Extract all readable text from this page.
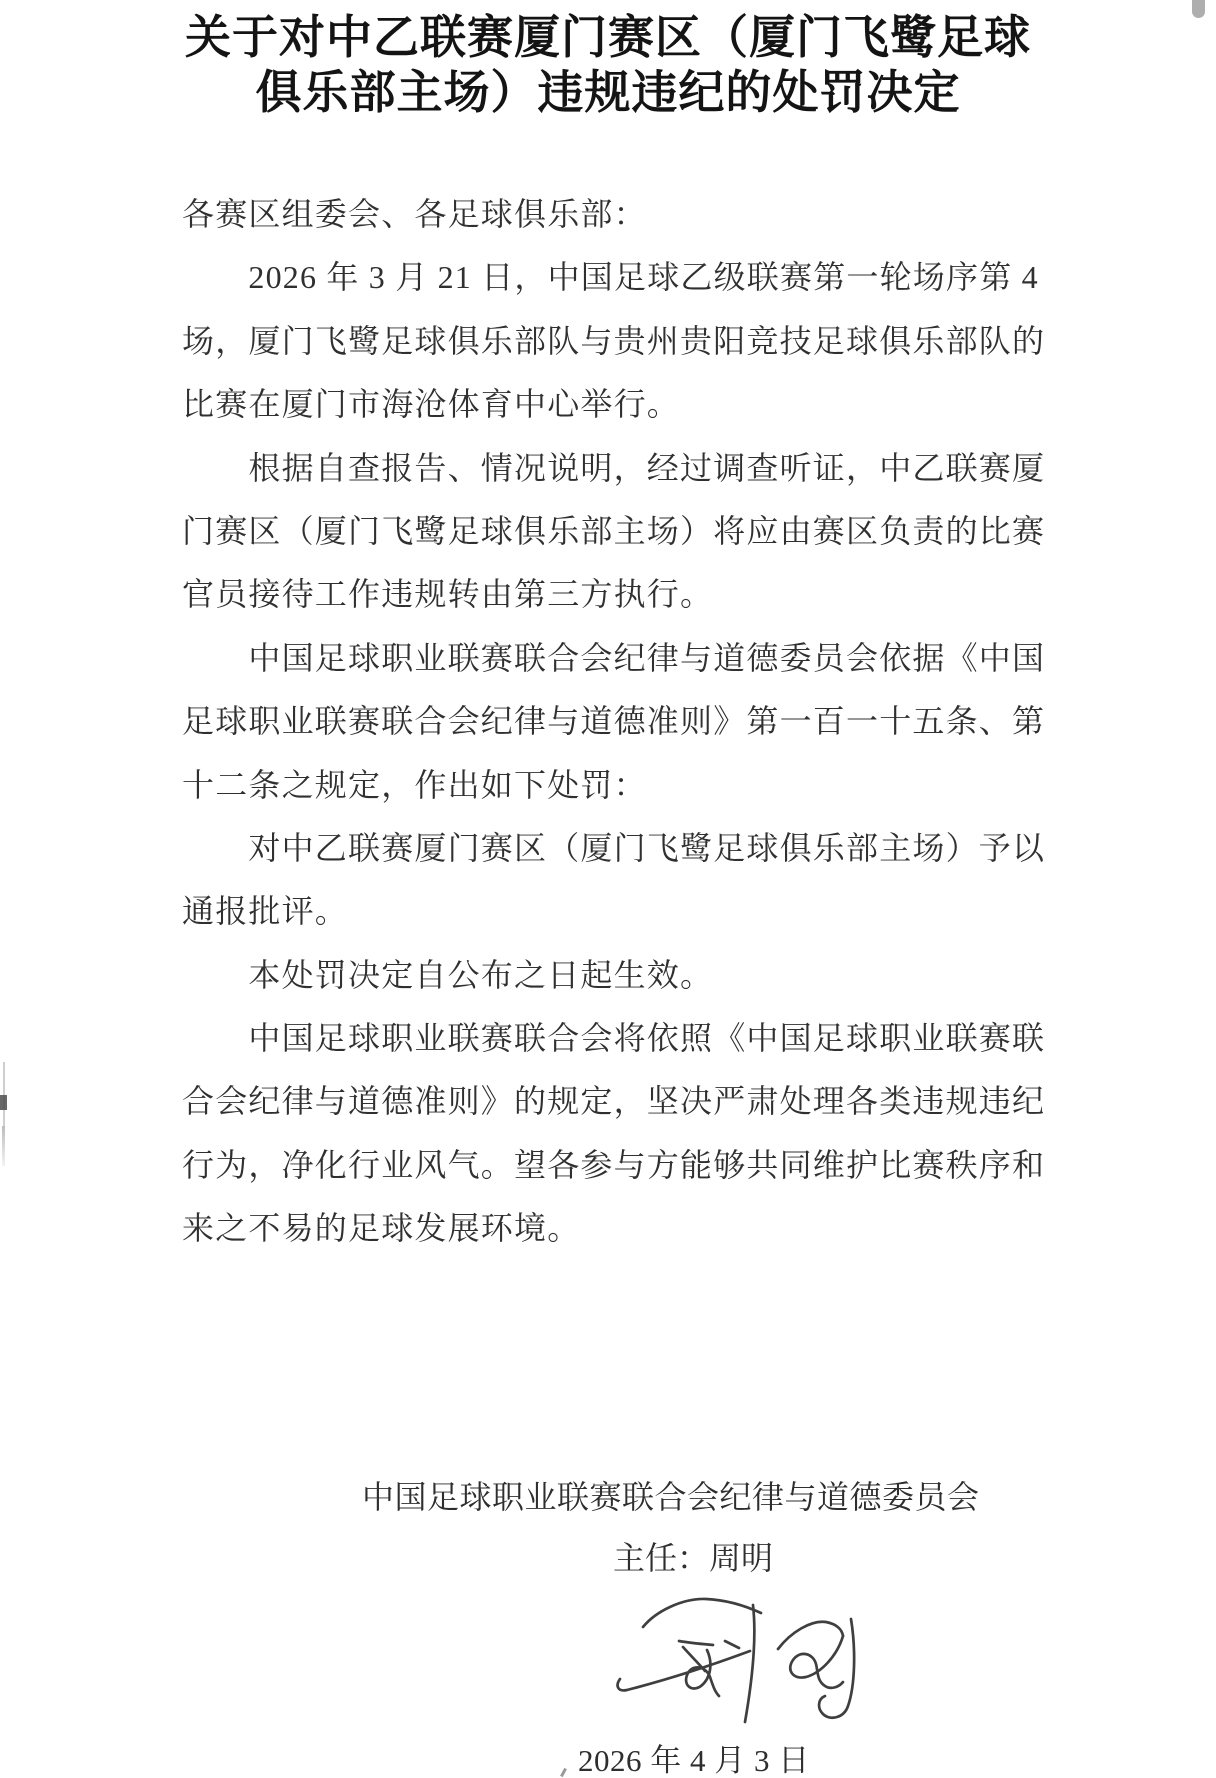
关于对中乙联赛厦门赛区（厦门飞鹭足球
俱乐部主场）违规违纪的处罚决定
各赛区组委会、各足球俱乐部：
　　2026 年 3 月 21 日，中国足球乙级联赛第一轮场序第 4
场，厦门飞鹭足球俱乐部队与贵州贵阳竞技足球俱乐部队的
比赛在厦门市海沧体育中心举行。
　　根据自查报告、情况说明，经过调查听证，中乙联赛厦
门赛区（厦门飞鹭足球俱乐部主场）将应由赛区负责的比赛
官员接待工作违规转由第三方执行。
　　中国足球职业联赛联合会纪律与道德委员会依据《中国
足球职业联赛联合会纪律与道德准则》第一百一十五条、第
十二条之规定，作出如下处罚：
　　对中乙联赛厦门赛区（厦门飞鹭足球俱乐部主场）予以
通报批评。
　　本处罚决定自公布之日起生效。
　　中国足球职业联赛联合会将依照《中国足球职业联赛联
合会纪律与道德准则》的规定，坚决严肃处理各类违规违纪
行为，净化行业风气。望各参与方能够共同维护比赛秩序和
来之不易的足球发展环境。
中国足球职业联赛联合会纪律与道德委员会
主任：周明
2026 年 4 月 3 日
